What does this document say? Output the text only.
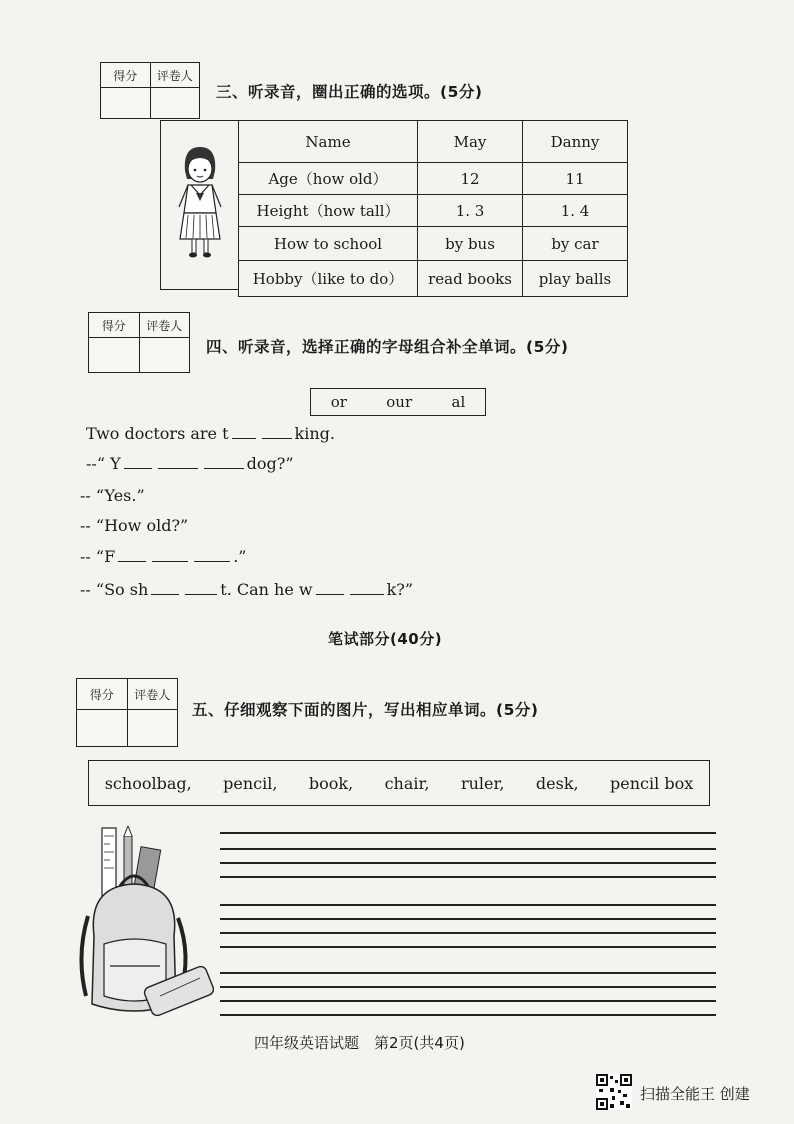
得分	评卷人
三、听录音，圈出正确的选项。(5分)
Name	May	Danny
Age（how old）	12	11
Height（how tall）	1. 3	1. 4
How to school	by bus	by car
Hobby（like to do）	read books	play balls
得分	评卷人
四、听录音，选择正确的字母组合补全单词。(5分)
or	our	al
Two doctors are t	king.
--“ Y	dog?”
-- “Yes.”
-- “How old?”
-- “F	.”
-- “So sh	t. Can he w	k?”
笔试部分(40分)
得分	评卷人
五、仔细观察下面的图片，写出相应单词。(5分)
schoolbag, pencil, book, chair, ruler, desk, pencil box
四年级英语试题　第2页(共4页)
扫描全能王 创建
